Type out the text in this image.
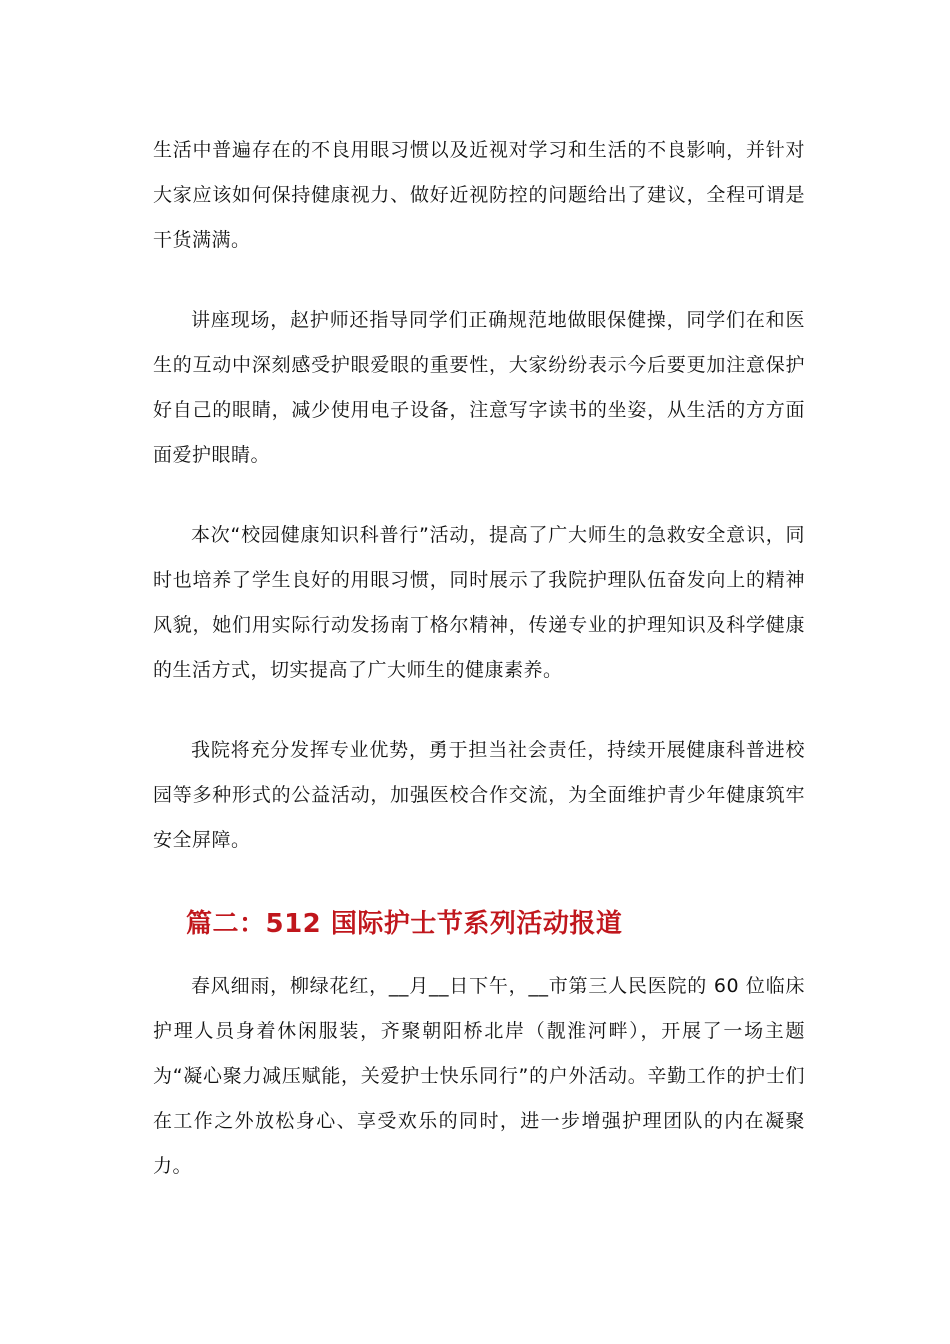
生活中普遍存在的不良用眼习惯以及近视对学习和生活的不良影响，并针对大家应该如何保持健康视力、做好近视防控的问题给出了建议，全程可谓是干货满满。

讲座现场，赵护师还指导同学们正确规范地做眼保健操，同学们在和医生的互动中深刻感受护眼爱眼的重要性，大家纷纷表示今后要更加注意保护好自己的眼睛，减少使用电子设备，注意写字读书的坐姿，从生活的方方面面爱护眼睛。

本次“校园健康知识科普行”活动，提高了广大师生的急救安全意识，同时也培养了学生良好的用眼习惯，同时展示了我院护理队伍奋发向上的精神风貌，她们用实际行动发扬南丁格尔精神，传递专业的护理知识及科学健康的生活方式，切实提高了广大师生的健康素养。

我院将充分发挥专业优势，勇于担当社会责任，持续开展健康科普进校园等多种形式的公益活动，加强医校合作交流，为全面维护青少年健康筑牢安全屏障。

篇二：512 国际护士节系列活动报道

春风细雨，柳绿花红，__月__日下午，__市第三人民医院的 60 位临床护理人员身着休闲服装，齐聚朝阳桥北岸（靓淮河畔），开展了一场主题为“凝心聚力减压赋能，关爱护士快乐同行”的户外活动。辛勤工作的护士们在工作之外放松身心、享受欢乐的同时，进一步增强护理团队的内在凝聚力。
